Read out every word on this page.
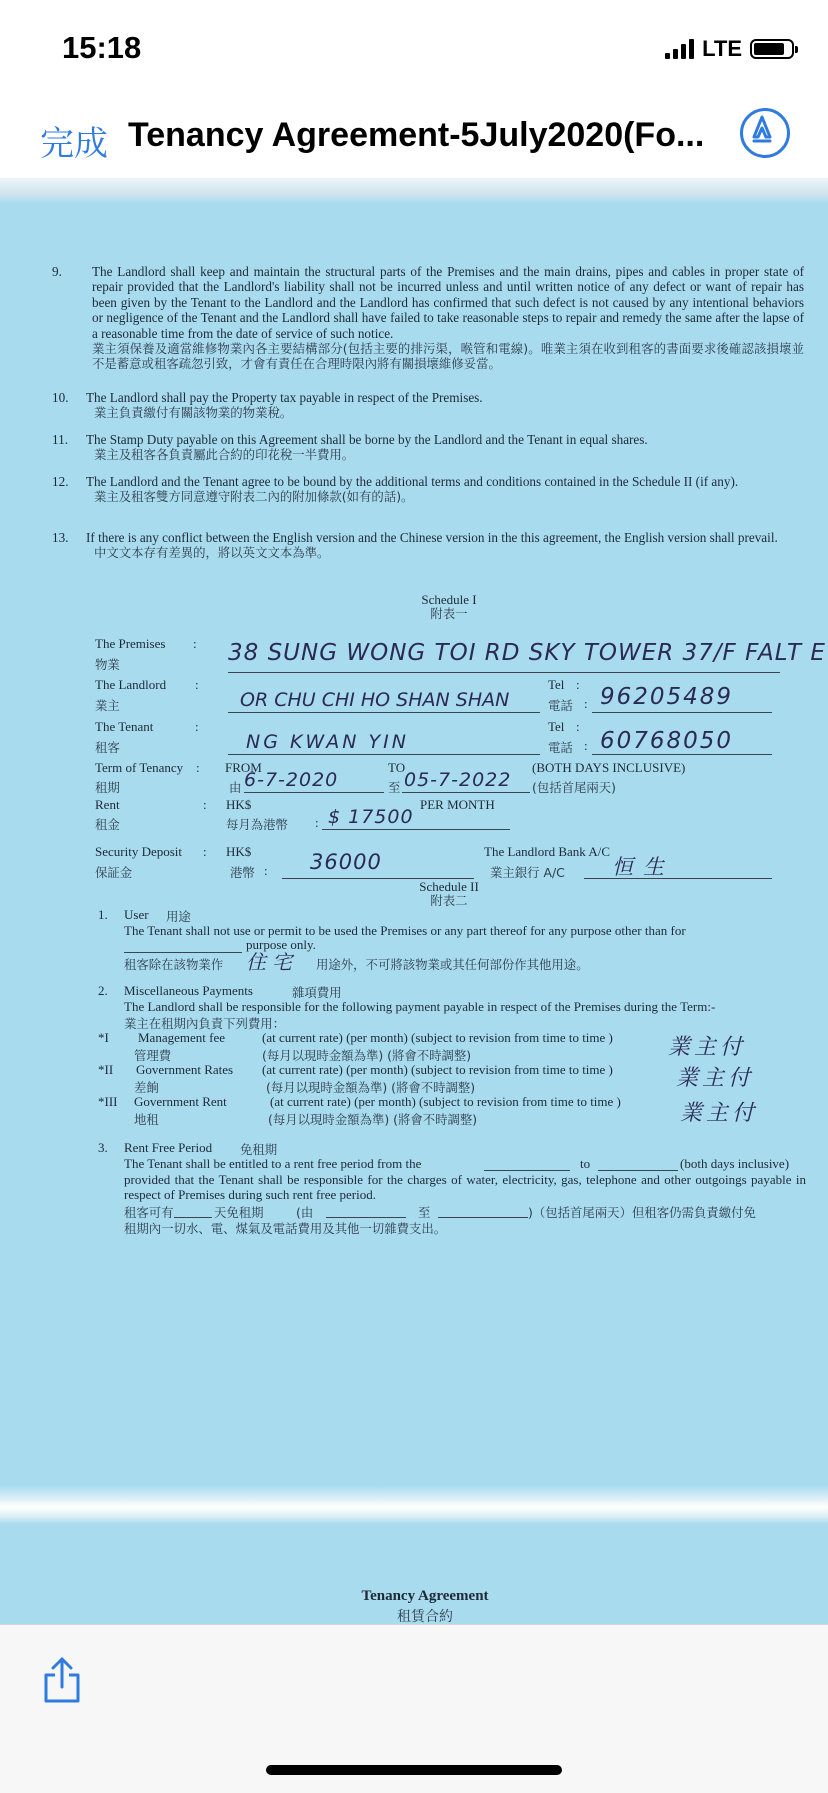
15:18	LTE
完成 Tenancy Agreement-5July2020(Fo...
9. The Landlord shall keep and maintain the structural parts of the Premises and the main drains, pipes and cables in proper state of repair provided that the Landlord's liability shall not be incurred unless and until written notice of any defect or want of repair has been given by the Tenant to the Landlord and the Landlord has confirmed that such defect is not caused by any intentional behaviors or negligence of the Tenant and the Landlord shall have failed to take reasonable steps to repair and remedy the same after the lapse of a reasonable time from the date of service of such notice.
業主須保養及適當維修物業內各主要結構部分(包括主要的排污渠，喉管和電線)。唯業主須在收到租客的書面要求後確認該損壞並不是蓄意或租客疏忽引致，才會有責任在合理時限內將有關損壞維修妥當。
10. The Landlord shall pay the Property tax payable in respect of the Premises.
業主負責繳付有關該物業的物業稅。
11. The Stamp Duty payable on this Agreement shall be borne by the Landlord and the Tenant in equal shares.
業主及租客各負責屬此合約的印花稅一半費用。
12. The Landlord and the Tenant agree to be bound by the additional terms and conditions contained in the Schedule II (if any).
業主及租客雙方同意遵守附表二內的附加條款(如有的話)。
13. If there is any conflict between the English version and the Chinese version in the this agreement, the English version shall prevail.
中文文本存有差異的，將以英文文本為準。
Schedule I
附表一
The Premises :
物業	38 SUNG WONG TOI RD SKY TOWER 37/F FALT E
The Landlord :
業主	OR CHU CHI HO SHAN SHAN
Tel :
電話 : 96205489
The Tenant	:
租客	NG KWAN YIN
Tel :
電話 : 60768050
Term of Tenancy :
租期
FROM	TO	(BOTH DAYS INCLUSIVE)
由 6-7-2020	至 05-7-2022 (包括首尾兩天)
Rent	:
租金
HK$	PER MONTH
每月為港幣 : $ 17500
Security Deposit :
保証金
HK$
港幣 : 36000	The Landlord Bank A/C
業主銀行 A/C 恒生
Schedule II
附表二
1. User 用途
The Tenant shall not use or permit to be used the Premises or any part thereof for any purpose other than for
purpose only.
租客除在該物業作 住宅 用途外，不可將該物業或其任何部份作其他用途。
2. Miscellaneous Payments	雜項費用
The Landlord shall be responsible for the following payment payable in respect of the Premises during the Term:-
業主在租期內負責下列費用：
*I Management fee
管理費
(at current rate) (per month) (subject to revision from time to time )
(每月以現時金額為準) (將會不時調整)	業主付
*II Government Rates
差餉
(at current rate) (per month) (subject to revision from time to time )
(每月以現時金額為準) (將會不時調整)	業主付
*III Government Rent
地租
(at current rate) (per month) (subject to revision from time to time )
(每月以現時金額為準) (將會不時調整)	業主付
3. Rent Free Period 免租期
The Tenant shall be entitled to a rent free period from the	to	(both days inclusive)
provided that the Tenant shall be responsible for the charges of water, electricity, gas, telephone and other outgoings payable in respect of Premises during such rent free period.
租客可有	天免租期	(由	至	)（包括首尾兩天）但租客仍需負責繳付免
租期內一切水、電、煤氣及電話費用及其他一切雜費支出。
Tenancy Agreement
租賃合約
